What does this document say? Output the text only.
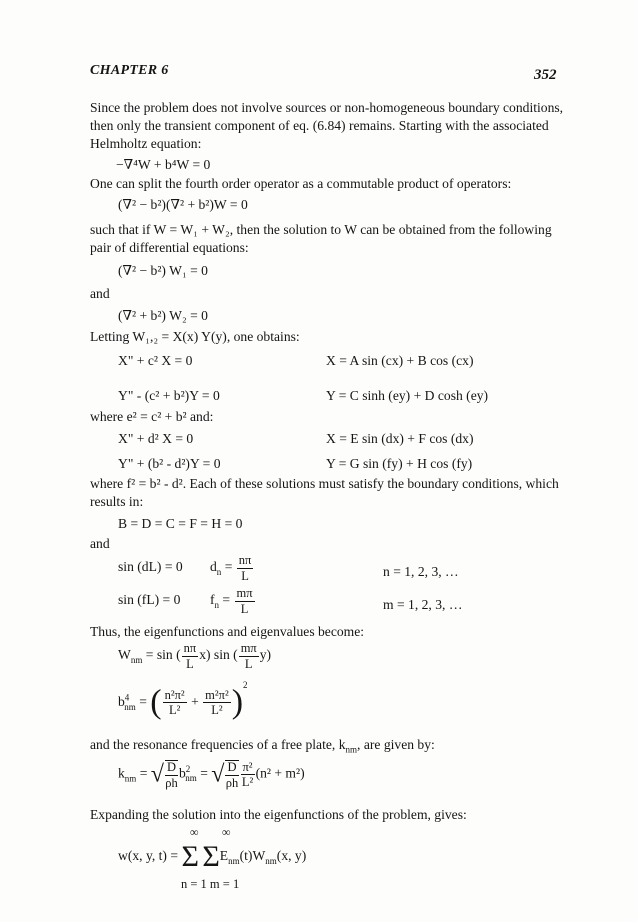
CHAPTER 6	352
Since the problem does not involve sources or non-homogeneous boundary conditions,
then only the transient component of eq. (6.84) remains. Starting with the associated
Helmholtz equation:
−∇⁴W + b⁴W = 0
One can split the fourth order operator as a commutable product of operators:
(∇² − b²)(∇² + b²)W = 0
such that if W = W₁ + W₂, then the solution to W can be obtained from the following
pair of differential equations:
(∇² − b²) W₁ = 0
and
(∇² + b²) W₂ = 0
Letting W₁,₂ = X(x) Y(y), one obtains:
X" + c² X = 0	X = A sin (cx) + B cos (cx)
Y" - (c² + b²)Y = 0	Y = C sinh (ey) + D cosh (ey)
where e² = c² + b² and:
X" + d² X = 0	X = E sin (dx) + F cos (dx)
Y" + (b² - d²)Y = 0	Y = G sin (fy) + H cos (fy)
where f² = b² - d². Each of these solutions must satisfy the boundary conditions, which
results in:
B = D = C = F = H = 0
and
sin (dL) = 0 $d_n = \frac{n\pi}{L}$	n = 1, 2, 3, …
sin (fL) = 0 $f_n = \frac{m\pi}{L}$	m = 1, 2, 3, …
Thus, the eigenfunctions and eigenvalues become:
$W_{nm} = \sin$ ( $\frac{n\pi}{L} x$) sin ( $\frac{m\pi}{L} y$)
$b^4_{nm}$ = ( $\frac{\text{n²π²}}{\text{L²}} + \frac{\text{m²π²}}{\text{L²}} )^2$
and the resonance frequencies of a free plate, $k_{nm}$, are given by:
$k_{nm}$ = √ $\frac{D}{\rho h} b^2_{nm}$ = √ $\frac{D}{\rho h} \frac{\text{π²}}{\text{L²}} (n^2 + m^2)$
Expanding the solution into the eigenfunctions of the problem, gives:
∞ ∞
w(x, y, t) = Σ $\Sigma E_{nm}(t)W_{nm}(x$, y)
n = 1 m = 1
